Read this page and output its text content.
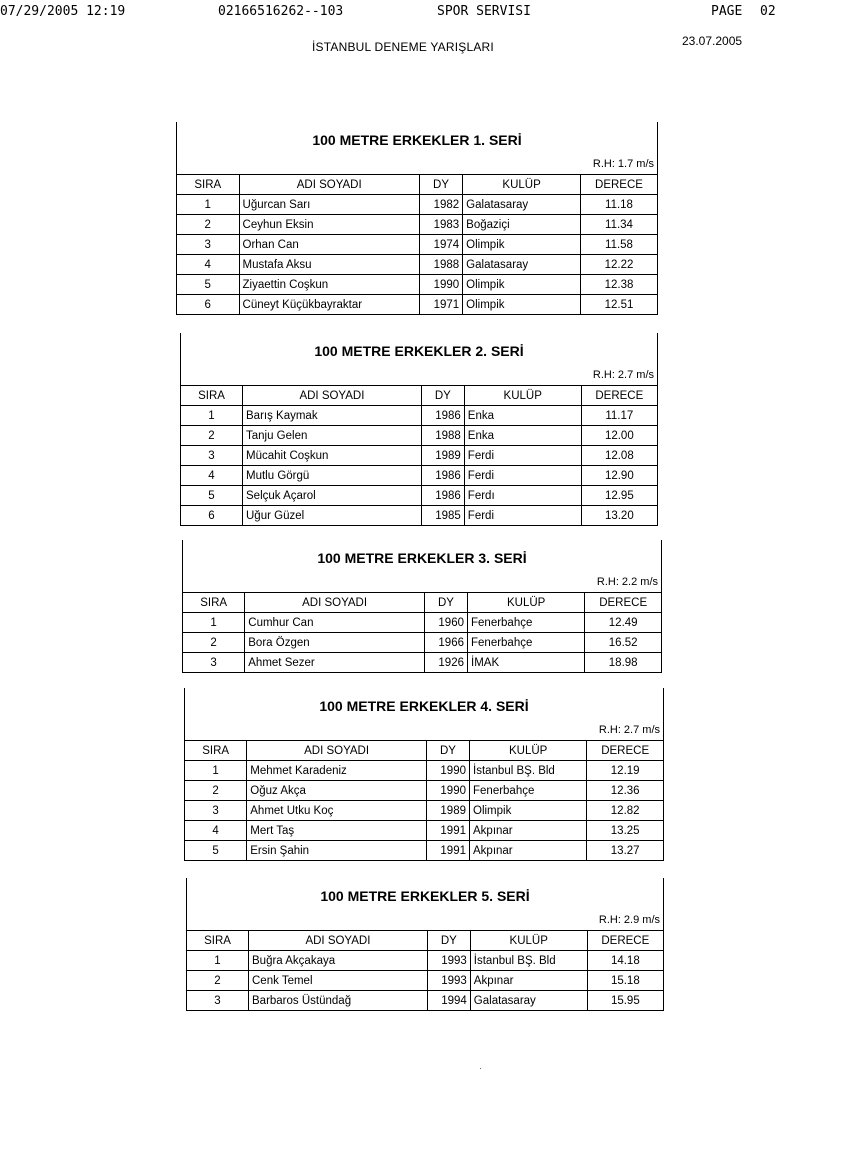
07/29/2005 12:19	02166516262--103	SPOR SERVISI	PAGE 02
İSTANBUL DENEME YARIŞLARI	23.07.2005
100 METRE ERKEKLER 1. SERİ
R.H: 1.7 m/s
SIRA	ADI SOYADI	DY	KULÜP	DERECE
1	Uğurcan Sarı	1982	Galatasaray	11.18
2	Ceyhun Eksin	1983	Boğaziçi	11.34
3	Orhan Can	1974	Olimpik	11.58
4	Mustafa Aksu	1988	Galatasaray	12.22
5	Ziyaettin Coşkun	1990	Olimpik	12.38
6	Cüneyt Küçükbayraktar	1971	Olimpik	12.51
100 METRE ERKEKLER 2. SERİ
R.H: 2.7 m/s
SIRA	ADI SOYADI	DY	KULÜP	DERECE
1	Barış Kaymak	1986	Enka	11.17
2	Tanju Gelen	1988	Enka	12.00
3	Mücahit Coşkun	1989	Ferdi	12.08
4	Mutlu Görgü	1986	Ferdi	12.90
5	Selçuk Açarol	1986	Ferdı	12.95
6	Uğur Güzel	1985	Ferdi	13.20
100 METRE ERKEKLER 3. SERİ
R.H: 2.2 m/s
SIRA	ADI SOYADI	DY	KULÜP	DERECE
1	Cumhur Can	1960	Fenerbahçe	12.49
2	Bora Özgen	1966	Fenerbahçe	16.52
3	Ahmet Sezer	1926	İMAK	18.98
100 METRE ERKEKLER 4. SERİ
R.H: 2.7 m/s
SIRA	ADI SOYADI	DY	KULÜP	DERECE
1	Mehmet Karadeniz	1990	İstanbul BŞ. Bld	12.19
2	Oğuz Akça	1990	Fenerbahçe	12.36
3	Ahmet Utku Koç	1989	Olimpik	12.82
4	Mert Taş	1991	Akpınar	13.25
5	Ersin Şahin	1991	Akpınar	13.27
100 METRE ERKEKLER 5. SERİ
R.H: 2.9 m/s
SIRA	ADI SOYADI	DY	KULÜP	DERECE
1	Buğra Akçakaya	1993	İstanbul BŞ. Bld	14.18
2	Cenk Temel	1993	Akpınar	15.18
3	Barbaros Üstündağ	1994	Galatasaray	15.95
